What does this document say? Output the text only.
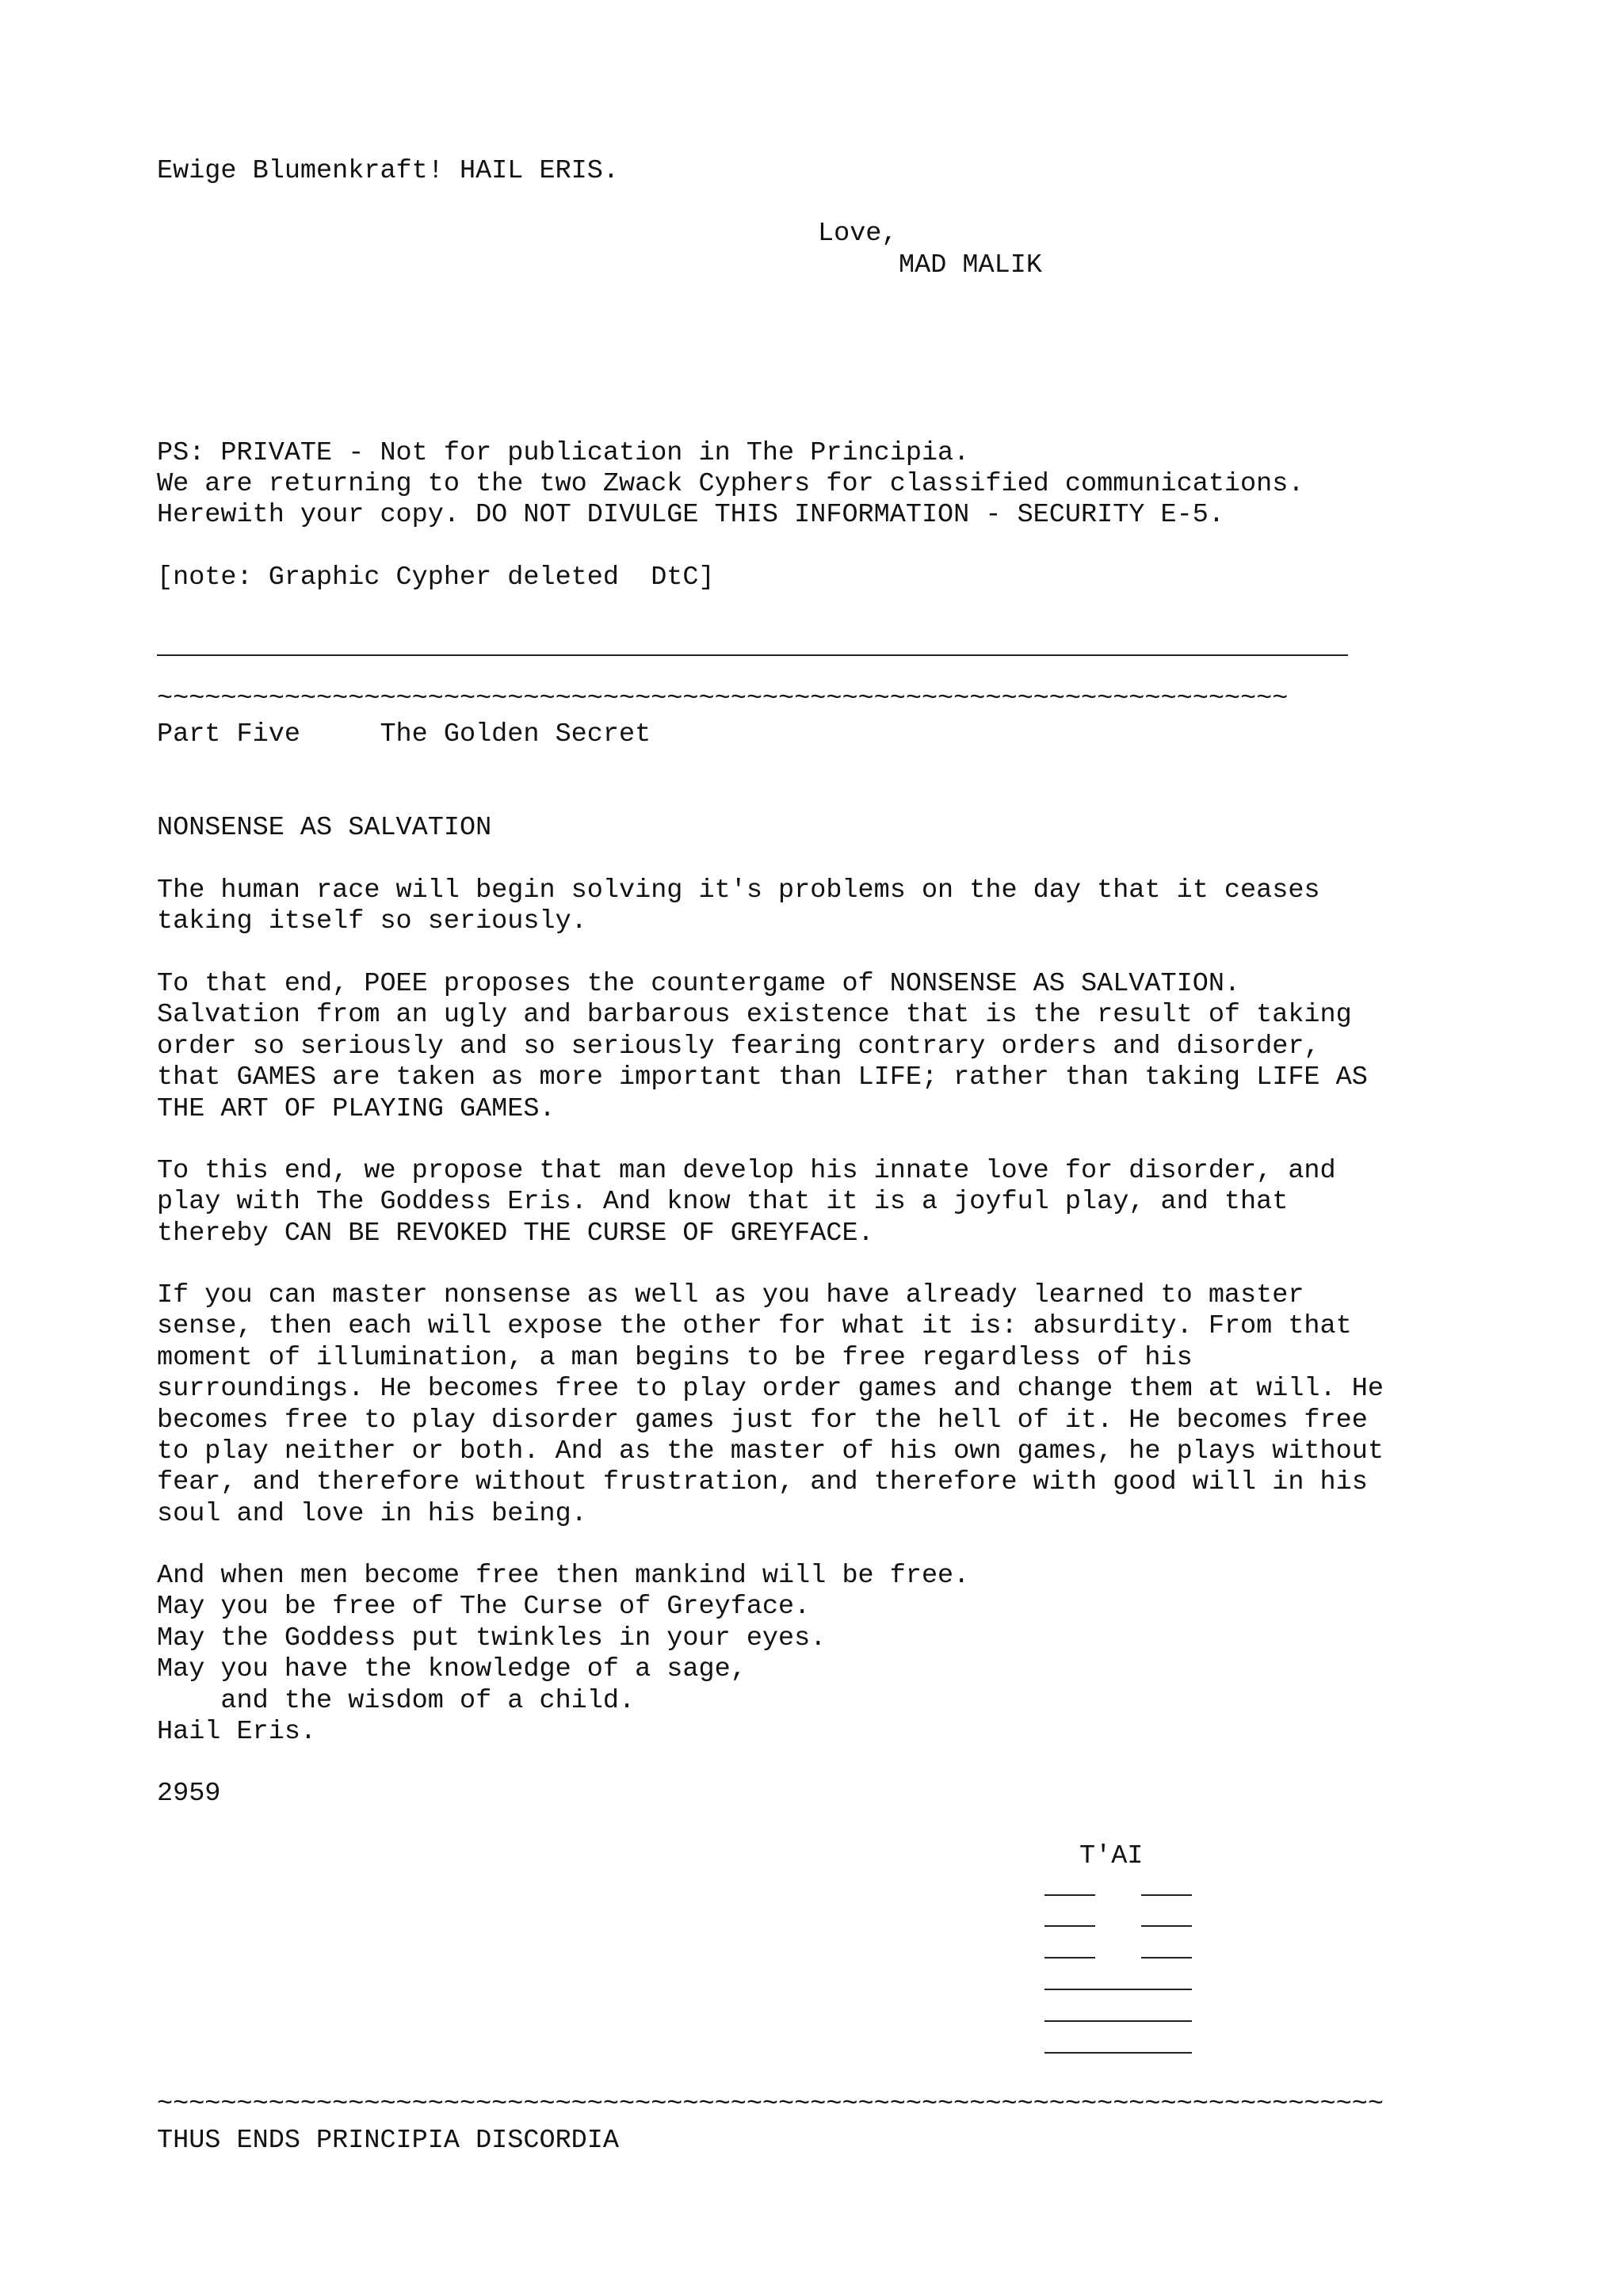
Ewige Blumenkraft! HAIL ERIS.
Love,
MAD MALIK
PS: PRIVATE - Not for publication in The Principia.
We are returning to the two Zwack Cyphers for classified communications.
Herewith your copy. DO NOT DIVULGE THIS INFORMATION - SECURITY E-5.
[note: Graphic Cypher deleted  DtC]
~~~~~~~~~~~~~~~~~~~~~~~~~~~~~~~~~~~~~~~~~~~~~~~~~~~~~~~~~~~~~~~~~~~~~~~
Part Five     The Golden Secret
NONSENSE AS SALVATION
The human race will begin solving it's problems on the day that it ceases
taking itself so seriously.
To that end, POEE proposes the countergame of NONSENSE AS SALVATION.
Salvation from an ugly and barbarous existence that is the result of taking
order so seriously and so seriously fearing contrary orders and disorder,
that GAMES are taken as more important than LIFE; rather than taking LIFE AS
THE ART OF PLAYING GAMES.
To this end, we propose that man develop his innate love for disorder, and
play with The Goddess Eris. And know that it is a joyful play, and that
thereby CAN BE REVOKED THE CURSE OF GREYFACE.
If you can master nonsense as well as you have already learned to master
sense, then each will expose the other for what it is: absurdity. From that
moment of illumination, a man begins to be free regardless of his
surroundings. He becomes free to play order games and change them at will. He
becomes free to play disorder games just for the hell of it. He becomes free
to play neither or both. And as the master of his own games, he plays without
fear, and therefore without frustration, and therefore with good will in his
soul and love in his being.
And when men become free then mankind will be free.
May you be free of The Curse of Greyface.
May the Goddess put twinkles in your eyes.
May you have the knowledge of a sage,
and the wisdom of a child.
Hail Eris.
2959
T'AI
~~~~~~~~~~~~~~~~~~~~~~~~~~~~~~~~~~~~~~~~~~~~~~~~~~~~~~~~~~~~~~~~~~~~~~~~~~~~~
THUS ENDS PRINCIPIA DISCORDIA
